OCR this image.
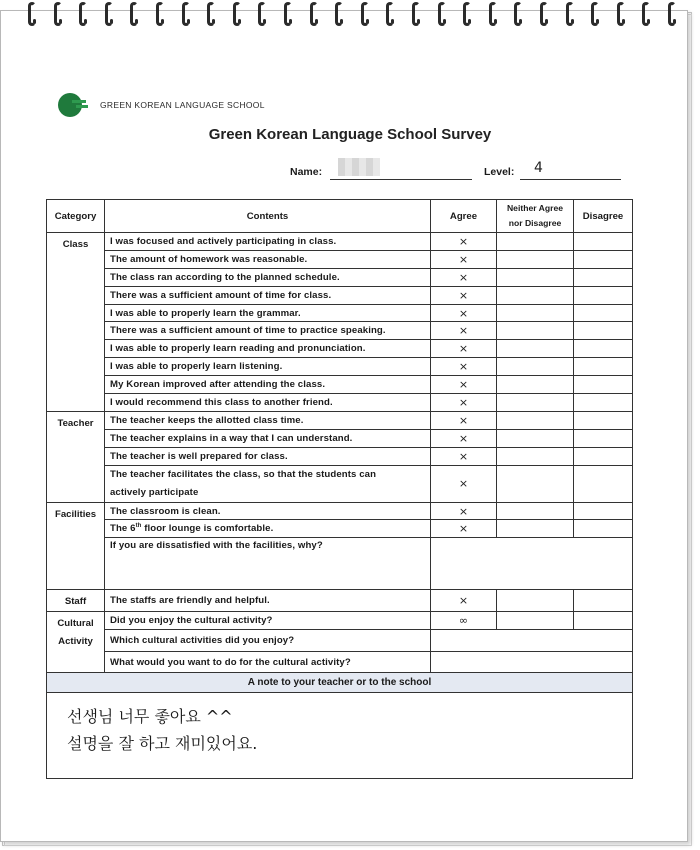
GREEN KOREAN LANGUAGE SCHOOL
Green Korean Language School Survey
Name:	Level: 4
Category	Contents	Agree	Neither Agree
nor Disagree	Disagree
Class	I was focused and actively participating in class.	×		
	The amount of homework was reasonable.	×		
	The class ran according to the planned schedule.	×		
	There was a sufficient amount of time for class.	×		
	I was able to properly learn the grammar.	×		
	There was a sufficient amount of time to practice speaking.	×		
	I was able to properly learn reading and pronunciation.	×		
	I was able to properly learn listening.	×		
	My Korean improved after attending the class.	×		
	I would recommend this class to another friend.	×		
Teacher	The teacher keeps the allotted class time.	×		
	The teacher explains in a way that I can understand.	×		
	The teacher is well prepared for class.	×		
	The teacher facilitates the class, so that the students can
actively participate	×		
Facilities	The classroom is clean.	×		
	The 6th floor lounge is comfortable.	×		
	If you are dissatisfied with the facilities, why?			
Staff	The staffs are friendly and helpful.	×		
Cultural
Activity	Did you enjoy the cultural activity?	∞		
	Which cultural activities did you enjoy?			
	What would you want to do for the cultural activity?			
A note to your teacher or to the school				

선생님 너무 좋아요 ^^
설명을 잘 하고 재미있어요.				
